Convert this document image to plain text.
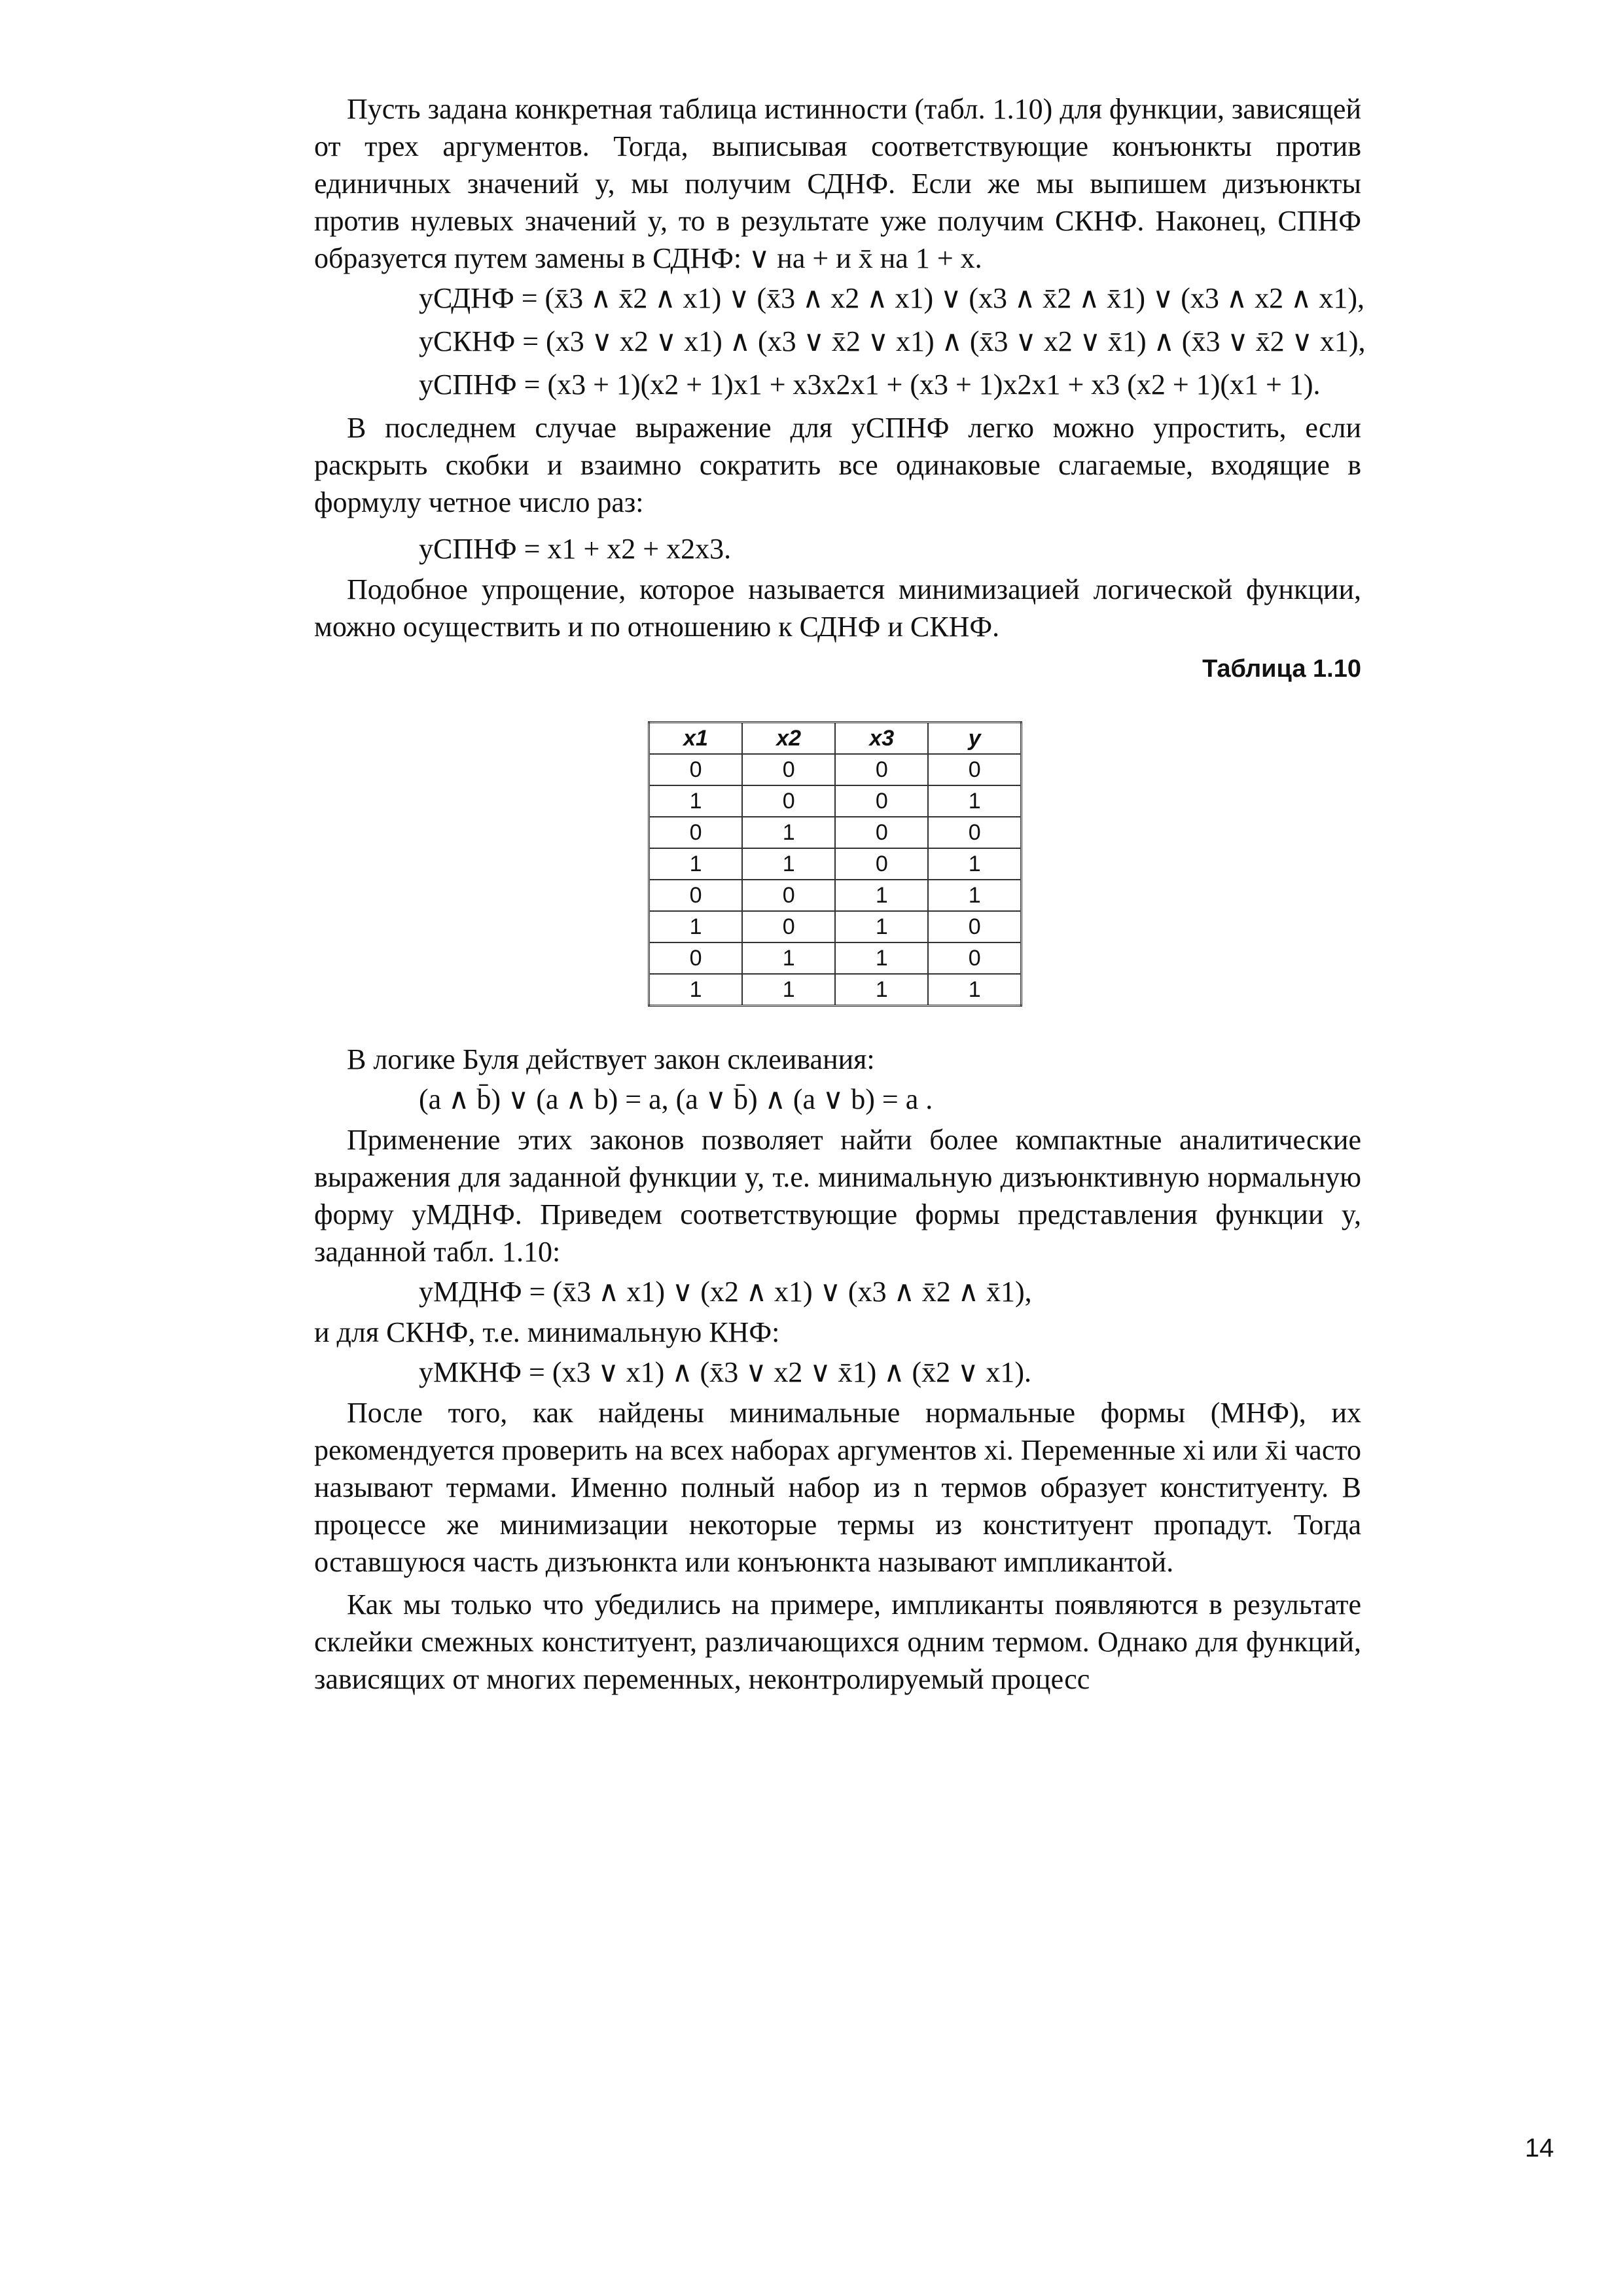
Пусть задана конкретная таблица истинности (табл. 1.10) для функции, зависящей от трех аргументов. Тогда, выписывая соответствующие конъюнкты против единичных значений y, мы получим СДНФ. Если же мы выпишем дизъюнкты против нулевых значений y, то в результате уже получим СКНФ. Наконец, СПНФ образуется путем замены в СДНФ: ∨ на + и x̄ на 1 + x.

yСДНФ = (x̄3 ∧ x̄2 ∧ x1) ∨ (x̄3 ∧ x2 ∧ x1) ∨ (x3 ∧ x̄2 ∧ x̄1) ∨ (x3 ∧ x2 ∧ x1),
yСКНФ = (x3 ∨ x2 ∨ x1) ∧ (x3 ∨ x̄2 ∨ x1) ∧ (x̄3 ∨ x2 ∨ x̄1) ∧ (x̄3 ∨ x̄2 ∨ x1),
yСПНФ = (x3 + 1)(x2 + 1)x1 + x3x2x1 + (x3 + 1)x2x1 + x3 (x2 + 1)(x1 + 1).

В последнем случае выражение для yСПНФ легко можно упростить, если раскрыть скобки и взаимно сократить все одинаковые слагаемые, входящие в формулу четное число раз:

yСПНФ = x1 + x2 + x2x3.

Подобное упрощение, которое называется минимизацией логической функции, можно осуществить и по отношению к СДНФ и СКНФ.

Таблица 1.10
x1	x2	x3	y
0	0	0	0
1	0	0	1
0	1	0	0
1	1	0	1
0	0	1	1
1	0	1	0
0	1	1	0
1	1	1	1

В логике Буля действует закон склеивания:

(a ∧ b̄) ∨ (a ∧ b) = a, (a ∨ b̄) ∧ (a ∨ b) = a .

Применение этих законов позволяет найти более компактные аналитические выражения для заданной функции y, т.е. минимальную дизъюнктивную нормальную форму yМДНФ. Приведем соответствующие формы представления функции y, заданной табл. 1.10:

yМДНФ = (x̄3 ∧ x1) ∨ (x2 ∧ x1) ∨ (x3 ∧ x̄2 ∧ x̄1),

и для СКНФ, т.е. минимальную КНФ:

yМКНФ = (x3 ∨ x1) ∧ (x̄3 ∨ x2 ∨ x̄1) ∧ (x̄2 ∨ x1).

После того, как найдены минимальные нормальные формы (МНФ), их рекомендуется проверить на всех наборах аргументов xi. Переменные xi или x̄i часто называют термами. Именно полный набор из n термов образует конституенту. В процессе же минимизации некоторые термы из конституент пропадут. Тогда оставшуюся часть дизъюнкта или конъюнкта называют импликантой.

Как мы только что убедились на примере, импликанты появляются в результате склейки смежных конституент, различающихся одним термом. Однако для функций, зависящих от многих переменных, неконтролируемый процесс

14
